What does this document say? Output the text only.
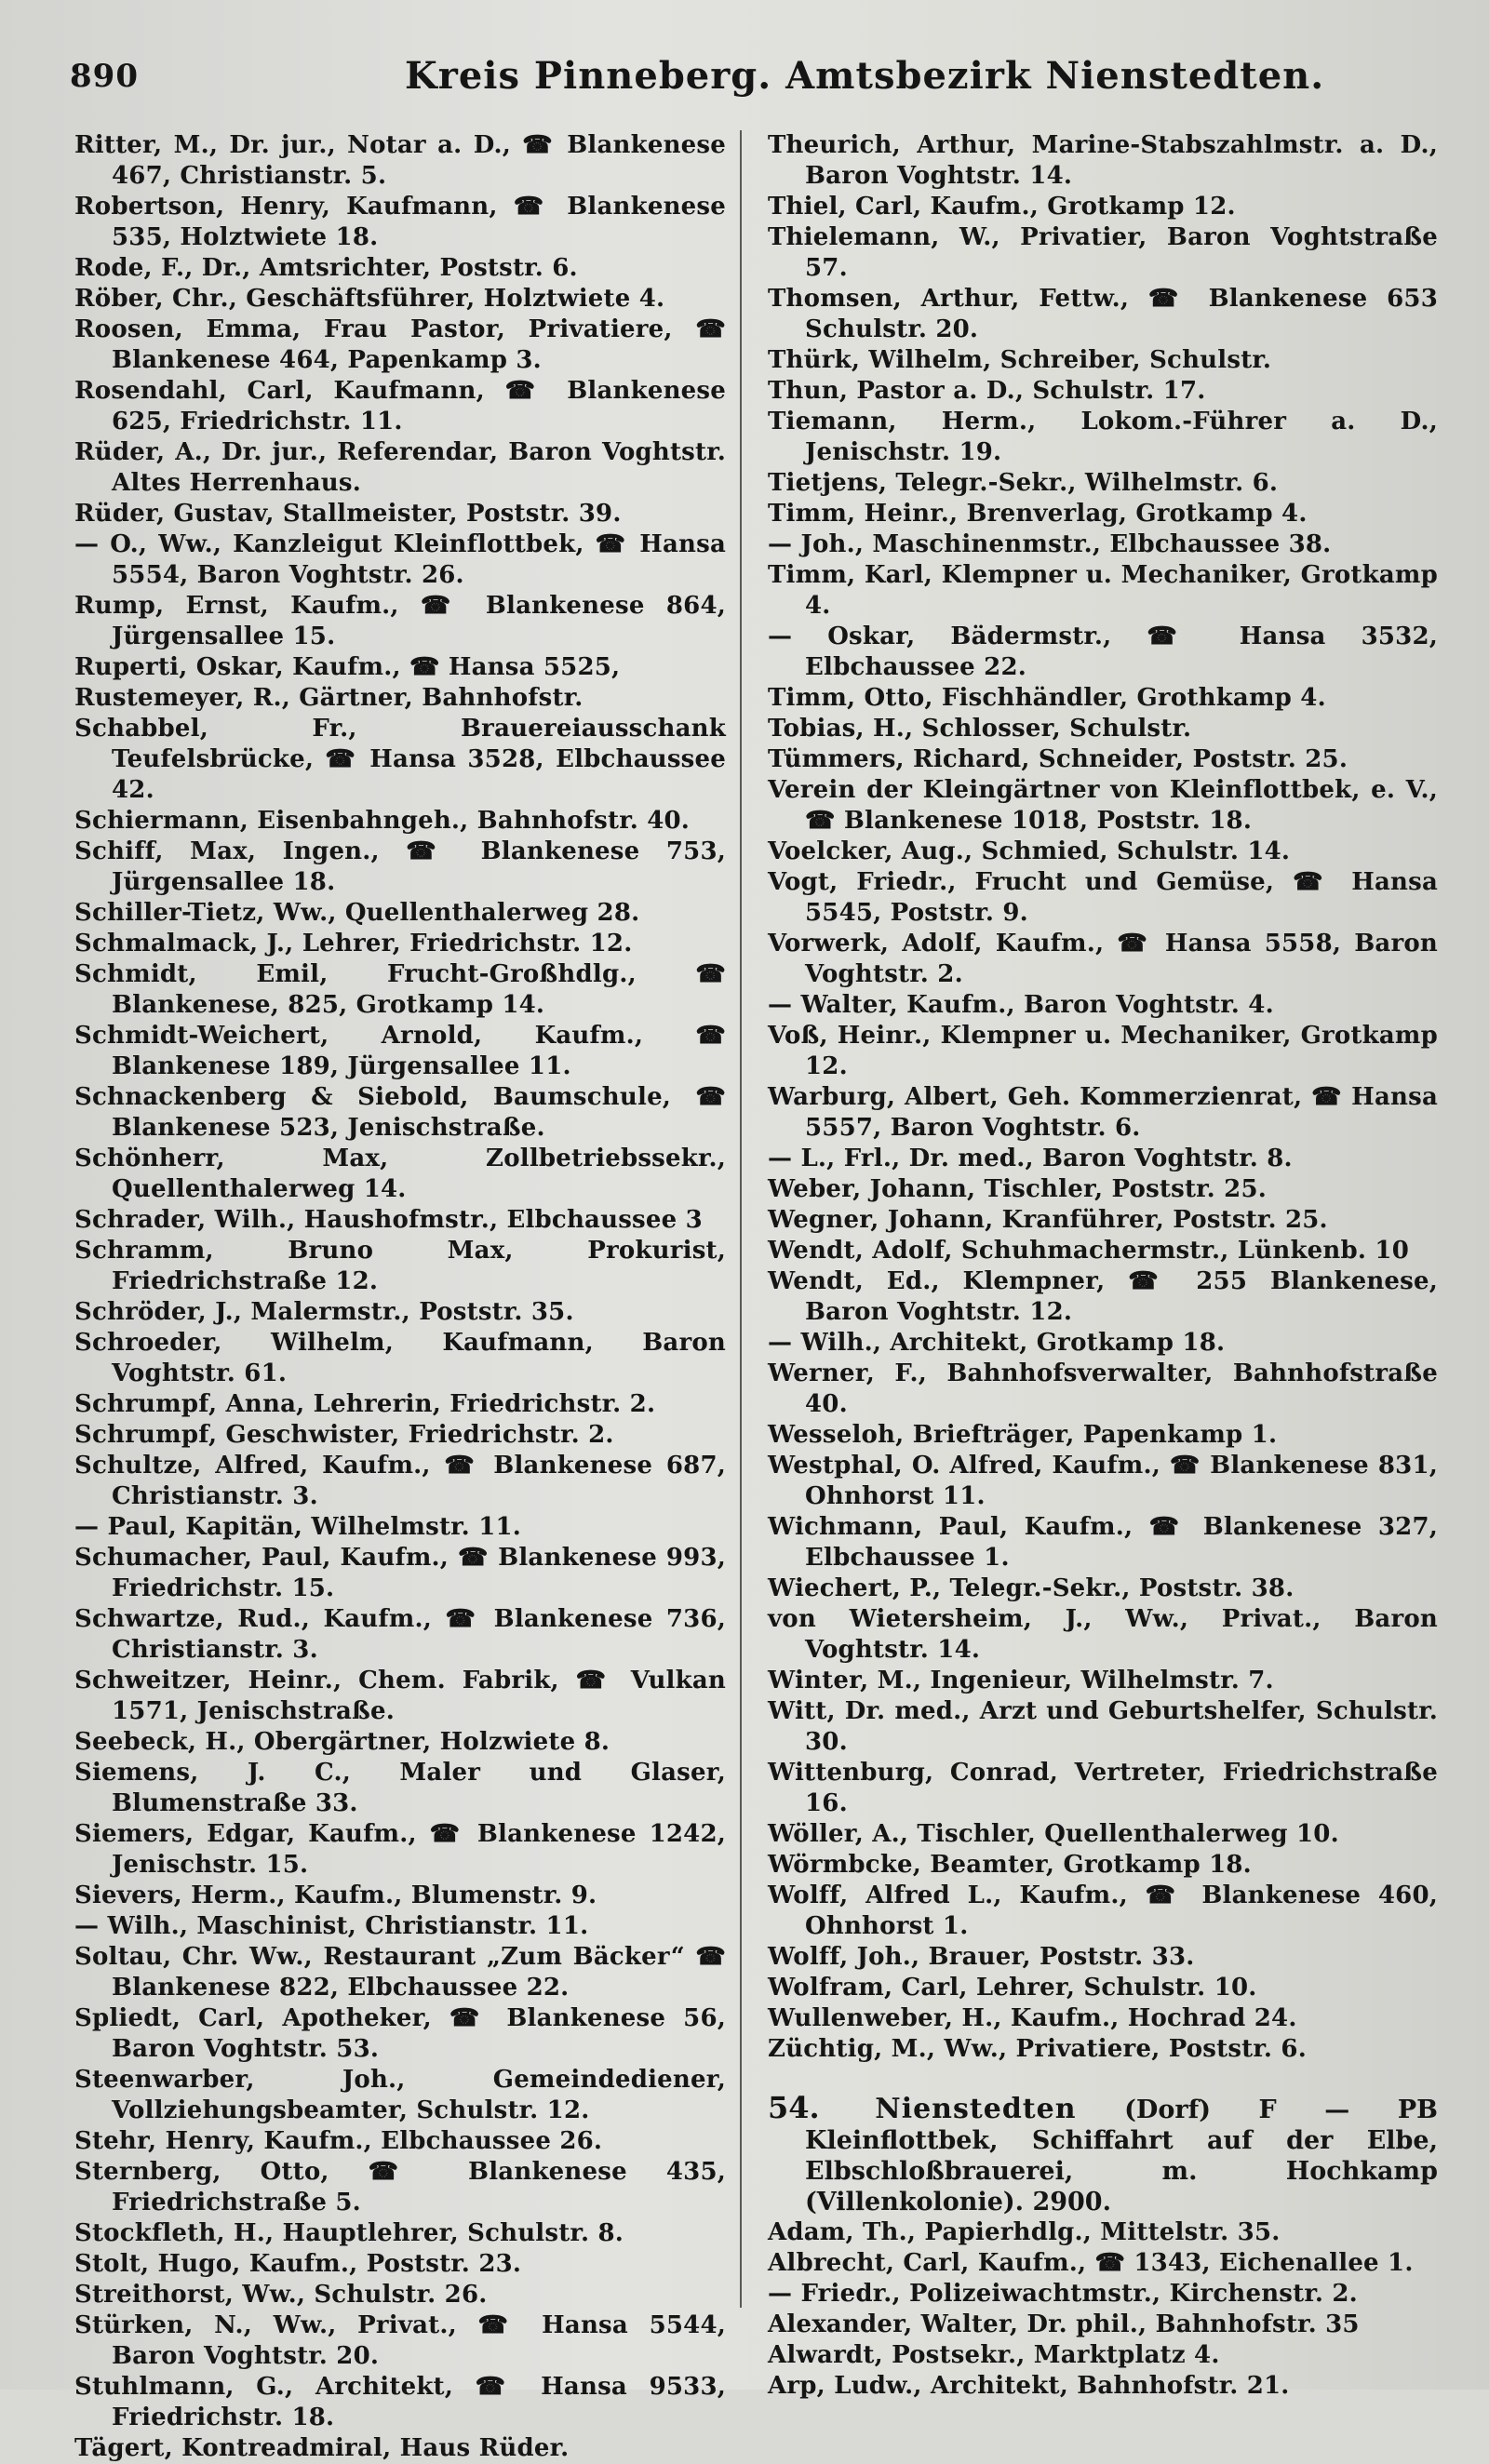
890	Kreis Pinneberg. Amtsbezirk Nienstedten.
Ritter, M., Dr. jur., Notar a. D., ☎ Blankenese 467, Christianstr. 5.
Robertson, Henry, Kaufmann, ☎ Blankenese 535, Holztwiete 18.
Rode, F., Dr., Amtsrichter, Poststr. 6.
Röber, Chr., Geschäftsführer, Holztwiete 4.
Roosen, Emma, Frau Pastor, Privatiere, ☎ Blankenese 464, Papenkamp 3.
Rosendahl, Carl, Kaufmann, ☎ Blankenese 625, Friedrichstr. 11.
Rüder, A., Dr. jur., Referendar, Baron Voghtstr. Altes Herrenhaus.
Rüder, Gustav, Stallmeister, Poststr. 39.
— O., Ww., Kanzleigut Kleinflottbek, ☎ Hansa 5554, Baron Voghtstr. 26.
Rump, Ernst, Kaufm., ☎ Blankenese 864, Jürgensallee 15.
Ruperti, Oskar, Kaufm., ☎ Hansa 5525,
Rustemeyer, R., Gärtner, Bahnhofstr.
Schabbel, Fr., Brauereiausschank Teufelsbrücke, ☎ Hansa 3528, Elbchaussee 42.
Schiermann, Eisenbahngeh., Bahnhofstr. 40.
Schiff, Max, Ingen., ☎ Blankenese 753, Jürgensallee 18.
Schiller-Tietz, Ww., Quellenthalerweg 28.
Schmalmack, J., Lehrer, Friedrichstr. 12.
Schmidt, Emil, Frucht-Großhdlg., ☎ Blankenese, 825, Grotkamp 14.
Schmidt-Weichert, Arnold, Kaufm., ☎ Blankenese 189, Jürgensallee 11.
Schnackenberg & Siebold, Baumschule, ☎ Blankenese 523, Jenischstraße.
Schönherr, Max, Zollbetriebssekr., Quellenthalerweg 14.
Schrader, Wilh., Haushofmstr., Elbchaussee 3
Schramm, Bruno Max, Prokurist, Friedrichstraße 12.
Schröder, J., Malermstr., Poststr. 35.
Schroeder, Wilhelm, Kaufmann, Baron Voghtstr. 61.
Schrumpf, Anna, Lehrerin, Friedrichstr. 2.
Schrumpf, Geschwister, Friedrichstr. 2.
Schultze, Alfred, Kaufm., ☎ Blankenese 687, Christianstr. 3.
— Paul, Kapitän, Wilhelmstr. 11.
Schumacher, Paul, Kaufm., ☎ Blankenese 993, Friedrichstr. 15.
Schwartze, Rud., Kaufm., ☎ Blankenese 736, Christianstr. 3.
Schweitzer, Heinr., Chem. Fabrik, ☎ Vulkan 1571, Jenischstraße.
Seebeck, H., Obergärtner, Holzwiete 8.
Siemens, J. C., Maler und Glaser, Blumenstraße 33.
Siemers, Edgar, Kaufm., ☎ Blankenese 1242, Jenischstr. 15.
Sievers, Herm., Kaufm., Blumenstr. 9.
— Wilh., Maschinist, Christianstr. 11.
Soltau, Chr. Ww., Restaurant „Zum Bäcker“ ☎ Blankenese 822, Elbchaussee 22.
Spliedt, Carl, Apotheker, ☎ Blankenese 56, Baron Voghtstr. 53.
Steenwarber, Joh., Gemeindediener, Vollziehungsbeamter, Schulstr. 12.
Stehr, Henry, Kaufm., Elbchaussee 26.
Sternberg, Otto, ☎ Blankenese 435, Friedrichstraße 5.
Stockfleth, H., Hauptlehrer, Schulstr. 8.
Stolt, Hugo, Kaufm., Poststr. 23.
Streithorst, Ww., Schulstr. 26.
Stürken, N., Ww., Privat., ☎ Hansa 5544, Baron Voghtstr. 20.
Stuhlmann, G., Architekt, ☎ Hansa 9533, Friedrichstr. 18.
Tägert, Kontreadmiral, Haus Rüder.
Theurich, Arthur, Marine-Stabszahlmstr. a. D., Baron Voghtstr. 14.
Thiel, Carl, Kaufm., Grotkamp 12.
Thielemann, W., Privatier, Baron Voghtstraße 57.
Thomsen, Arthur, Fettw., ☎ Blankenese 653 Schulstr. 20.
Thürk, Wilhelm, Schreiber, Schulstr.
Thun, Pastor a. D., Schulstr. 17.
Tiemann, Herm., Lokom.-Führer a. D., Jenischstr. 19.
Tietjens, Telegr.-Sekr., Wilhelmstr. 6.
Timm, Heinr., Brenverlag, Grotkamp 4.
— Joh., Maschinenmstr., Elbchaussee 38.
Timm, Karl, Klempner u. Mechaniker, Grotkamp 4.
— Oskar, Bädermstr., ☎ Hansa 3532, Elbchaussee 22.
Timm, Otto, Fischhändler, Grothkamp 4.
Tobias, H., Schlosser, Schulstr.
Tümmers, Richard, Schneider, Poststr. 25.
Verein der Kleingärtner von Kleinflottbek, e. V., ☎ Blankenese 1018, Poststr. 18.
Voelcker, Aug., Schmied, Schulstr. 14.
Vogt, Friedr., Frucht und Gemüse, ☎ Hansa 5545, Poststr. 9.
Vorwerk, Adolf, Kaufm., ☎ Hansa 5558, Baron Voghtstr. 2.
— Walter, Kaufm., Baron Voghtstr. 4.
Voß, Heinr., Klempner u. Mechaniker, Grotkamp 12.
Warburg, Albert, Geh. Kommerzienrat, ☎ Hansa 5557, Baron Voghtstr. 6.
— L., Frl., Dr. med., Baron Voghtstr. 8.
Weber, Johann, Tischler, Poststr. 25.
Wegner, Johann, Kranführer, Poststr. 25.
Wendt, Adolf, Schuhmachermstr., Lünkenb. 10
Wendt, Ed., Klempner, ☎ 255 Blankenese, Baron Voghtstr. 12.
— Wilh., Architekt, Grotkamp 18.
Werner, F., Bahnhofsverwalter, Bahnhofstraße 40.
Wesseloh, Briefträger, Papenkamp 1.
Westphal, O. Alfred, Kaufm., ☎ Blankenese 831, Ohnhorst 11.
Wichmann, Paul, Kaufm., ☎ Blankenese 327, Elbchaussee 1.
Wiechert, P., Telegr.-Sekr., Poststr. 38.
von Wietersheim, J., Ww., Privat., Baron Voghtstr. 14.
Winter, M., Ingenieur, Wilhelmstr. 7.
Witt, Dr. med., Arzt und Geburtshelfer, Schulstr. 30.
Wittenburg, Conrad, Vertreter, Friedrichstraße 16.
Wöller, A., Tischler, Quellenthalerweg 10.
Wörmbcke, Beamter, Grotkamp 18.
Wolff, Alfred L., Kaufm., ☎ Blankenese 460, Ohnhorst 1.
Wolff, Joh., Brauer, Poststr. 33.
Wolfram, Carl, Lehrer, Schulstr. 10.
Wullenweber, H., Kaufm., Hochrad 24.
Züchtig, M., Ww., Privatiere, Poststr. 6.
54. Nienstedten (Dorf) F — PB Kleinflottbek, Schiffahrt auf der Elbe, Elbschloßbrauerei, m. Hochkamp (Villenkolonie). 2900.
Adam, Th., Papierhdlg., Mittelstr. 35.
Albrecht, Carl, Kaufm., ☎ 1343, Eichenallee 1.
— Friedr., Polizeiwachtmstr., Kirchenstr. 2.
Alexander, Walter, Dr. phil., Bahnhofstr. 35
Alwardt, Postsekr., Marktplatz 4.
Arp, Ludw., Architekt, Bahnhofstr. 21.
